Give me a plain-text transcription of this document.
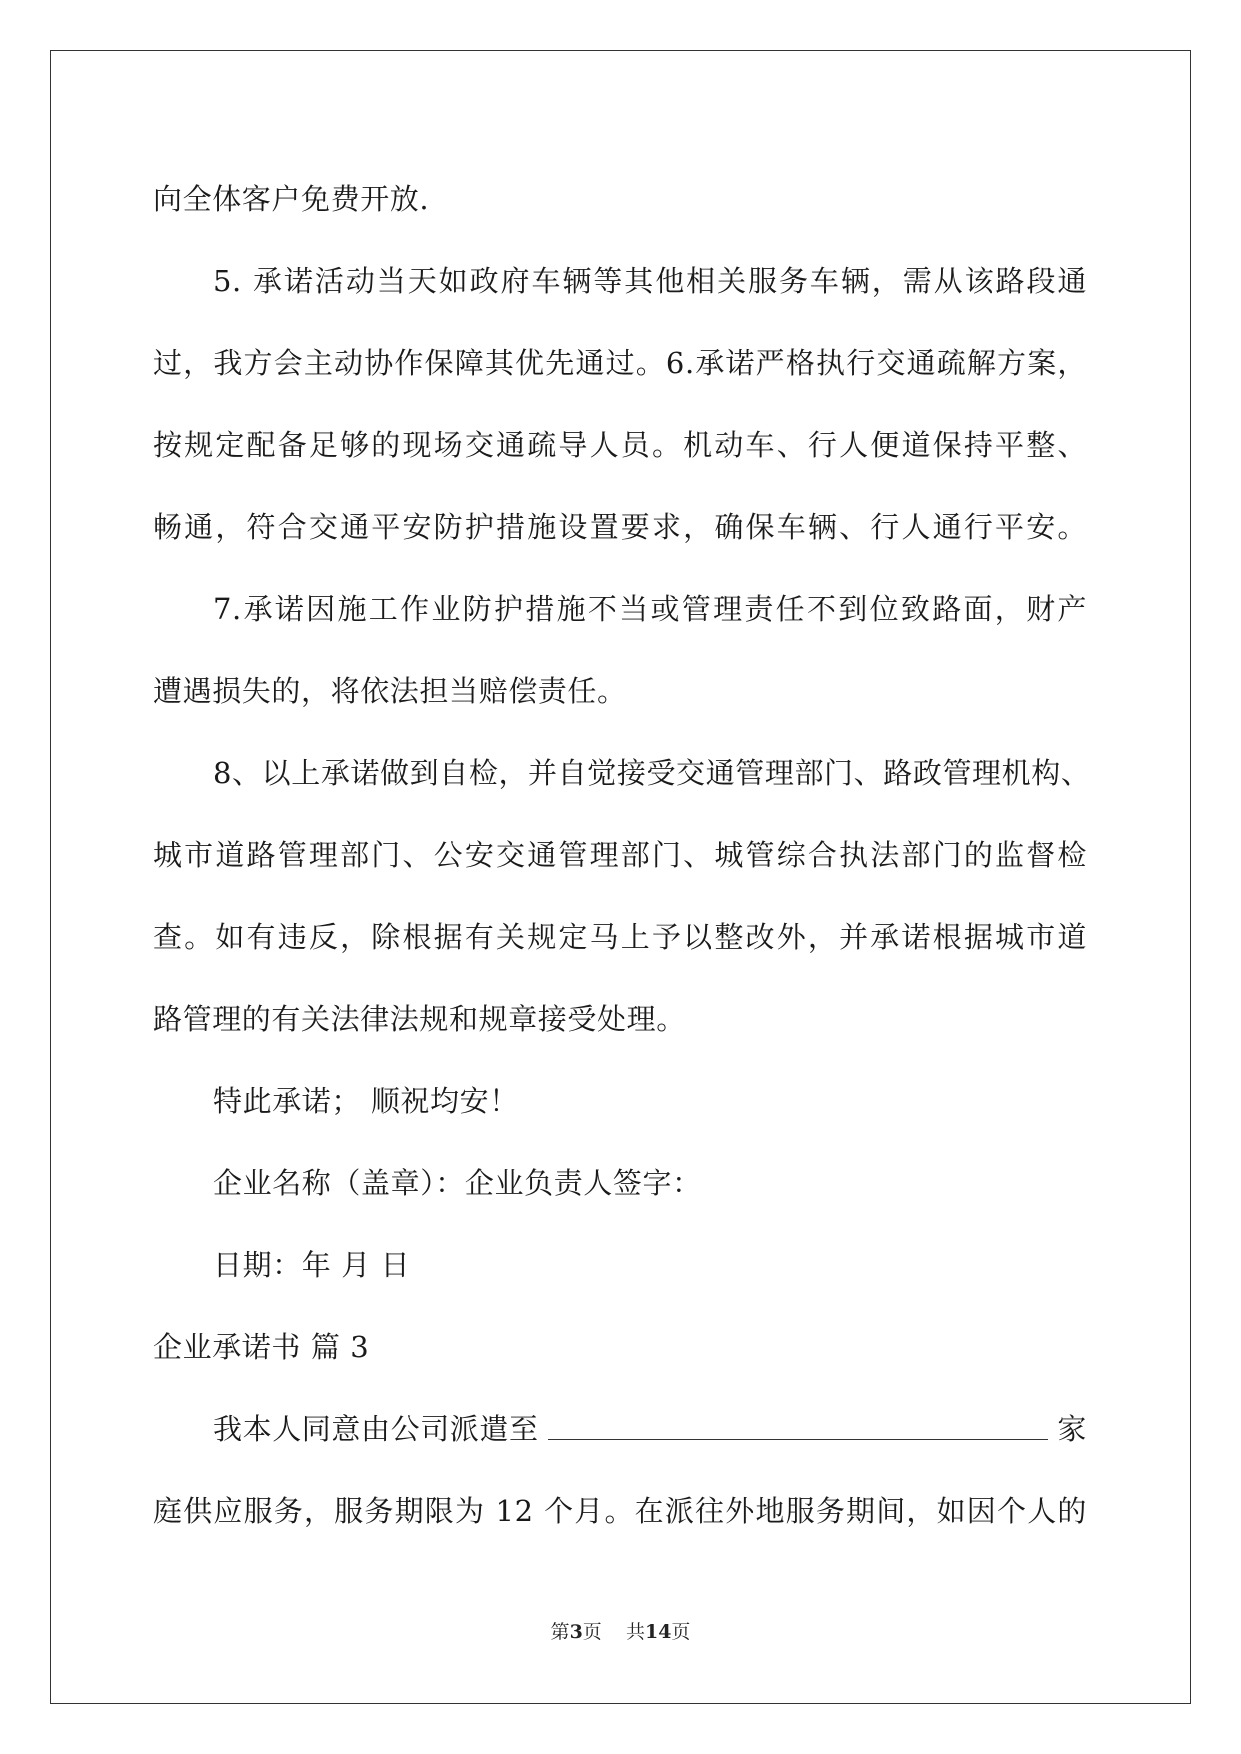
向全体客户免费开放.
5. 承诺活动当天如政府车辆等其他相关服务车辆，需从该路段通
过，我方会主动协作保障其优先通过。6.承诺严格执行交通疏解方案，
按规定配备足够的现场交通疏导人员。机动车、行人便道保持平整、
畅通，符合交通平安防护措施设置要求，确保车辆、行人通行平安。
7.承诺因施工作业防护措施不当或管理责任不到位致路面，财产
遭遇损失的，将依法担当赔偿责任。
8、以上承诺做到自检，并自觉接受交通管理部门、路政管理机构、
城市道路管理部门、公安交通管理部门、城管综合执法部门的监督检
查。如有违反，除根据有关规定马上予以整改外，并承诺根据城市道
路管理的有关法律法规和规章接受处理。
特此承诺； 顺祝均安！
企业名称（盖章）：企业负责人签字：
日期：年 月 日
企业承诺书 篇 3
我本人同意由公司派遣至	家
庭供应服务，服务期限为 12 个月。在派往外地服务期间，如因个人的
第3页    共14页
